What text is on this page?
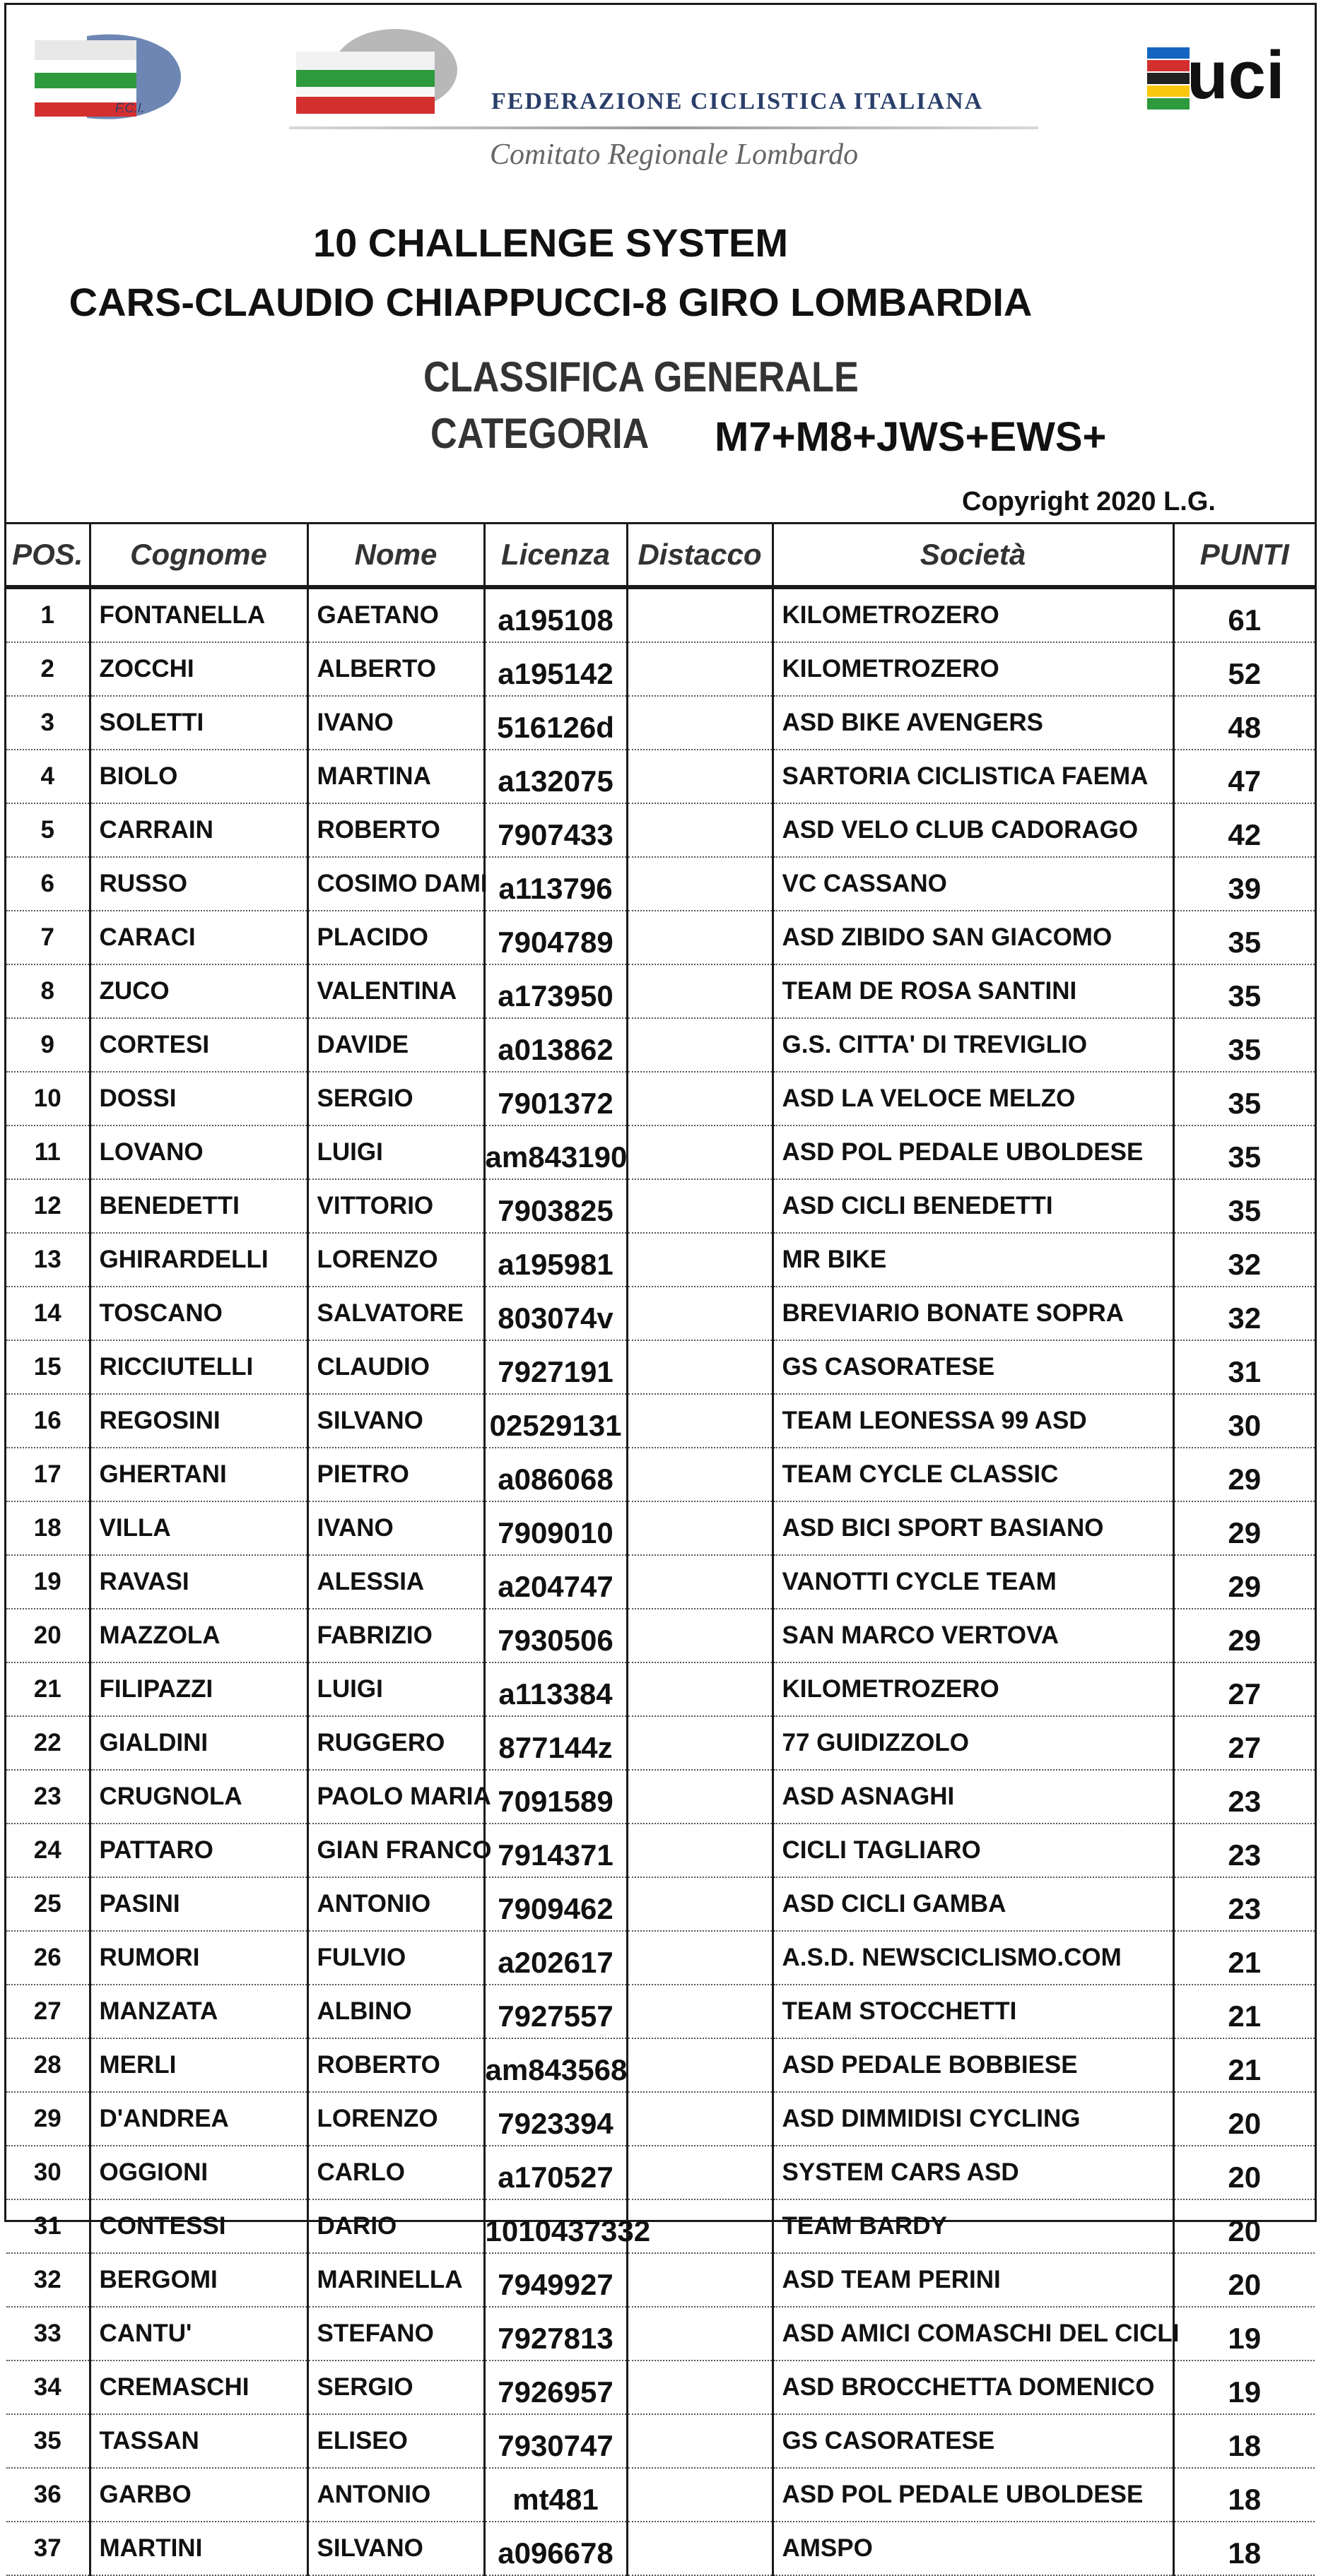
F.C.I.	FEDERAZIONE CICLISTICA ITALIANA
Comitato Regionale Lombardo
uci
10 CHALLENGE SYSTEM
CARS-CLAUDIO CHIAPPUCCI-8 GIRO LOMBARDIA
CLASSIFICA GENERALE
CATEGORIA M7+M8+JWS+EWS+
Copyright 2020 L.G.
POS.	Cognome	Nome	Licenza	Distacco	Società	PUNTI
1	FONTANELLA	GAETANO	a195108		KILOMETROZERO	61
2	ZOCCHI	ALBERTO	a195142		KILOMETROZERO	52
3	SOLETTI	IVANO	516126d		ASD BIKE AVENGERS	48
4	BIOLO	MARTINA	a132075		SARTORIA CICLISTICA FAEMA	47
5	CARRAIN	ROBERTO	7907433		ASD VELO CLUB CADORAGO	42
6	RUSSO	COSIMO DAMI	a113796		VC CASSANO	39
7	CARACI	PLACIDO	7904789		ASD ZIBIDO SAN GIACOMO	35
8	ZUCO	VALENTINA	a173950		TEAM DE ROSA SANTINI	35
9	CORTESI	DAVIDE	a013862		G.S. CITTA' DI TREVIGLIO	35
10	DOSSI	SERGIO	7901372		ASD LA VELOCE MELZO	35
11	LOVANO	LUIGI	am843190		ASD POL PEDALE UBOLDESE	35
12	BENEDETTI	VITTORIO	7903825		ASD CICLI BENEDETTI	35
13	GHIRARDELLI	LORENZO	a195981		MR BIKE	32
14	TOSCANO	SALVATORE	803074v		BREVIARIO BONATE SOPRA	32
15	RICCIUTELLI	CLAUDIO	7927191		GS CASORATESE	31
16	REGOSINI	SILVANO	02529131		TEAM LEONESSA 99 ASD	30
17	GHERTANI	PIETRO	a086068		TEAM CYCLE CLASSIC	29
18	VILLA	IVANO	7909010		ASD BICI SPORT BASIANO	29
19	RAVASI	ALESSIA	a204747		VANOTTI CYCLE TEAM	29
20	MAZZOLA	FABRIZIO	7930506		SAN MARCO VERTOVA	29
21	FILIPAZZI	LUIGI	a113384		KILOMETROZERO	27
22	GIALDINI	RUGGERO	877144z		77 GUIDIZZOLO	27
23	CRUGNOLA	PAOLO MARIA	7091589		ASD ASNAGHI	23
24	PATTARO	GIAN FRANCO	7914371		CICLI TAGLIARO	23
25	PASINI	ANTONIO	7909462		ASD CICLI GAMBA	23
26	RUMORI	FULVIO	a202617		A.S.D. NEWSCICLISMO.COM	21
27	MANZATA	ALBINO	7927557		TEAM STOCCHETTI	21
28	MERLI	ROBERTO	am843568		ASD PEDALE BOBBIESE	21
29	D'ANDREA	LORENZO	7923394		ASD DIMMIDISI CYCLING	20
30	OGGIONI	CARLO	a170527		SYSTEM CARS ASD	20
31	CONTESSI	DARIO	1010437332		TEAM BARDY	20
32	BERGOMI	MARINELLA	7949927		ASD TEAM PERINI	20
33	CANTU'	STEFANO	7927813		ASD AMICI COMASCHI DEL CICLI	19
34	CREMASCHI	SERGIO	7926957		ASD BROCCHETTA DOMENICO	19
35	TASSAN	ELISEO	7930747		GS CASORATESE	18
36	GARBO	ANTONIO	mt481		ASD POL PEDALE UBOLDESE	18
37	MARTINI	SILVANO	a096678		AMSPO	18
